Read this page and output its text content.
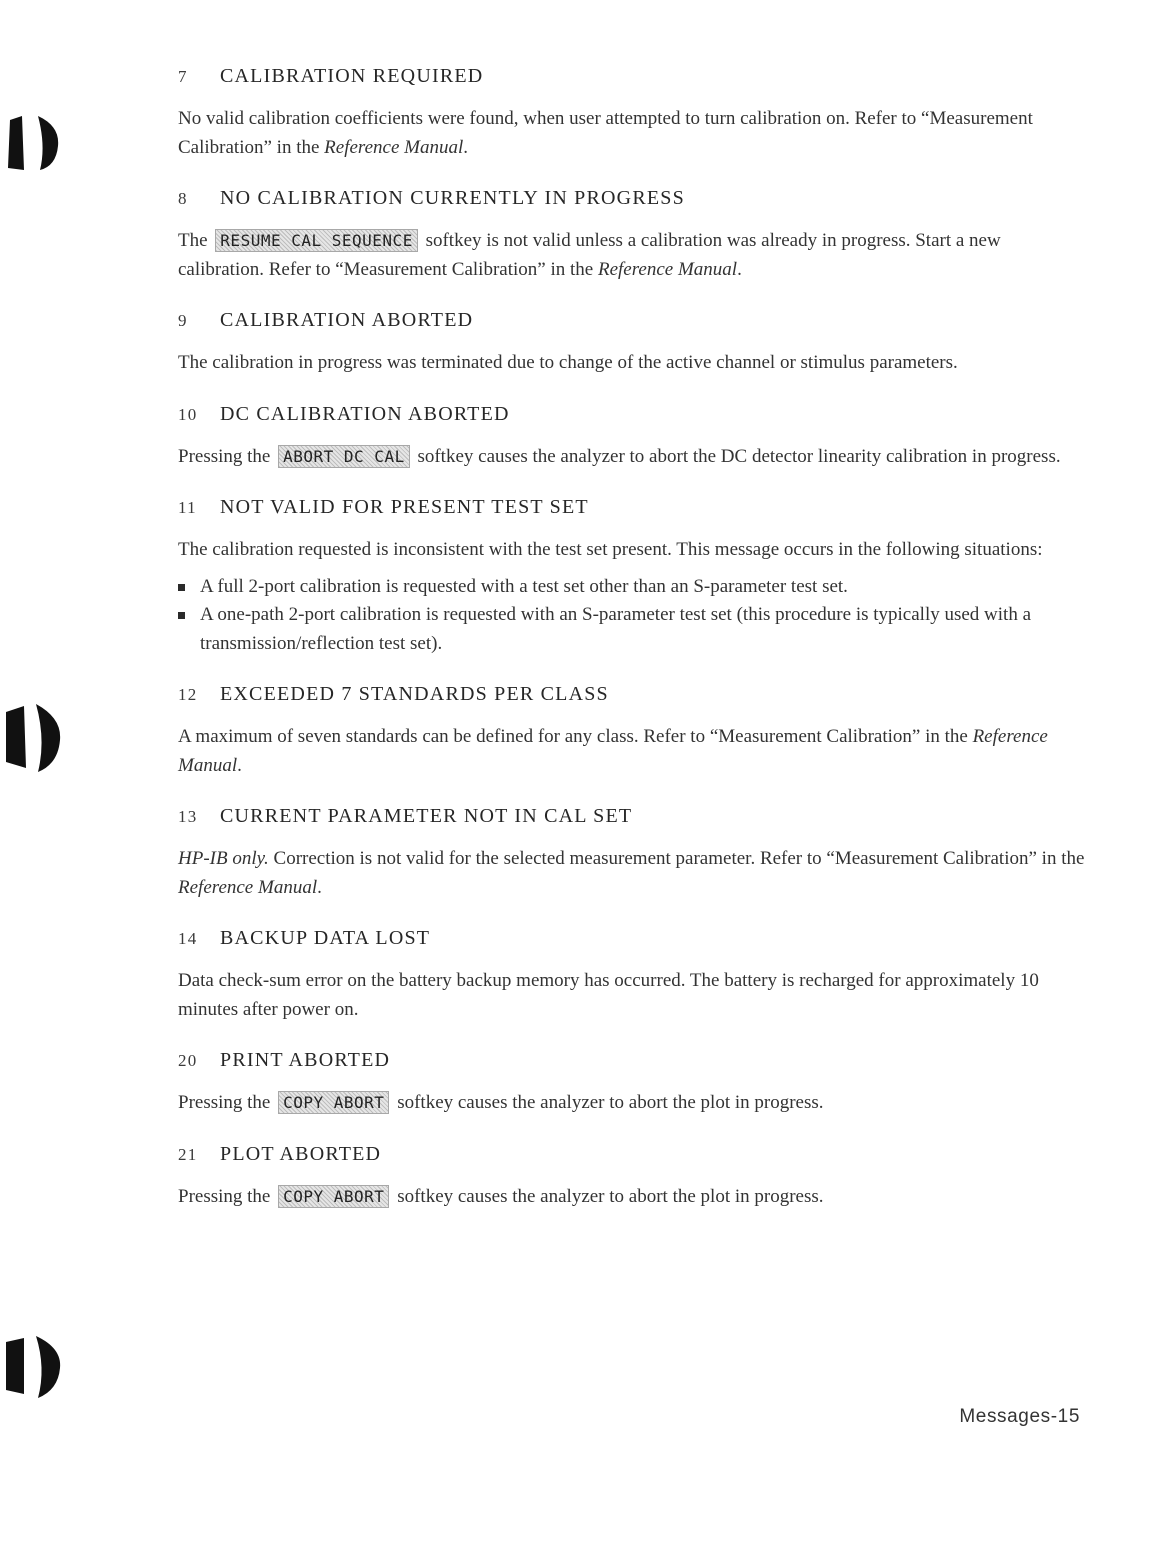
7 CALIBRATION REQUIRED

No valid calibration coefficients were found, when user attempted to turn calibration on. Refer to “Measurement Calibration” in the Reference Manual.

8 NO CALIBRATION CURRENTLY IN PROGRESS

The RESUME CAL SEQUENCE softkey is not valid unless a calibration was already in progress. Start a new calibration. Refer to “Measurement Calibration” in the Reference Manual.

9 CALIBRATION ABORTED

The calibration in progress was terminated due to change of the active channel or stimulus parameters.

10 DC CALIBRATION ABORTED

Pressing the ABORT DC CAL softkey causes the analyzer to abort the DC detector linearity calibration in progress.

11 NOT VALID FOR PRESENT TEST SET

The calibration requested is inconsistent with the test set present. This message occurs in the following situations:

A full 2-port calibration is requested with a test set other than an S-parameter test set.
A one-path 2-port calibration is requested with an S-parameter test set (this procedure is typically used with a transmission/reflection test set).
12 EXCEEDED 7 STANDARDS PER CLASS

A maximum of seven standards can be defined for any class. Refer to “Measurement Calibration” in the Reference Manual.

13 CURRENT PARAMETER NOT IN CAL SET

HP-IB only. Correction is not valid for the selected measurement parameter. Refer to “Measurement Calibration” in the Reference Manual.

14 BACKUP DATA LOST

Data check-sum error on the battery backup memory has occurred. The battery is recharged for approximately 10 minutes after power on.

20 PRINT ABORTED

Pressing the COPY ABORT softkey causes the analyzer to abort the plot in progress.

21 PLOT ABORTED

Pressing the COPY ABORT softkey causes the analyzer to abort the plot in progress.

Messages-15
